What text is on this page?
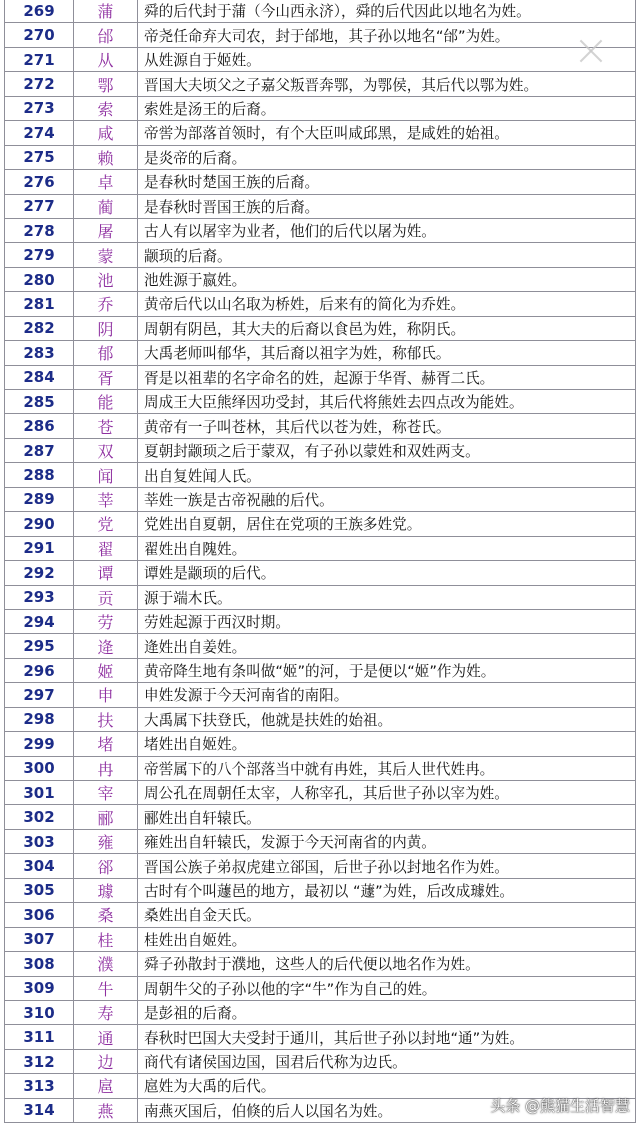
269	蒲	舜的后代封于蒲（今山西永济），舜的后代因此以地名为姓。
270	邰	帝尧任命弃大司农，封于邰地，其子孙以地名“邰”为姓。
271	从	从姓源自于姬姓。
272	鄂	晋国大夫顷父之子嘉父叛晋奔鄂，为鄂侯，其后代以鄂为姓。
273	索	索姓是汤王的后裔。
274	咸	帝喾为部落首领时，有个大臣叫咸邱黑，是咸姓的始祖。
275	赖	是炎帝的后裔。
276	卓	是春秋时楚国王族的后裔。
277	蔺	是春秋时晋国王族的后裔。
278	屠	古人有以屠宰为业者，他们的后代以屠为姓。
279	蒙	颛顼的后裔。
280	池	池姓源于嬴姓。
281	乔	黄帝后代以山名取为桥姓，后来有的简化为乔姓。
282	阴	周朝有阴邑，其大夫的后裔以食邑为姓，称阴氏。
283	郁	大禹老师叫郁华，其后裔以祖字为姓，称郁氏。
284	胥	胥是以祖辈的名字命名的姓，起源于华胥、赫胥二氏。
285	能	周成王大臣熊绎因功受封，其后代将熊姓去四点改为能姓。
286	苍	黄帝有一子叫苍林，其后代以苍为姓，称苍氏。
287	双	夏朝封颛顼之后于蒙双，有子孙以蒙姓和双姓两支。
288	闻	出自复姓闻人氏。
289	莘	莘姓一族是古帝祝融的后代。
290	党	党姓出自夏朝，居住在党项的王族多姓党。
291	翟	翟姓出自隗姓。
292	谭	谭姓是颛顼的后代。
293	贡	源于端木氏。
294	劳	劳姓起源于西汉时期。
295	逄	逄姓出自姜姓。
296	姬	黄帝降生地有条叫做“姬”的河，于是便以“姬”作为姓。
297	申	申姓发源于今天河南省的南阳。
298	扶	大禹属下扶登氏，他就是扶姓的始祖。
299	堵	堵姓出自姬姓。
300	冉	帝喾属下的八个部落当中就有冉姓，其后人世代姓冉。
301	宰	周公孔在周朝任太宰，人称宰孔，其后世子孙以宰为姓。
302	郦	郦姓出自轩辕氏。
303	雍	雍姓出自轩辕氏，发源于今天河南省的内黄。
304	郤	晋国公族子弟叔虎建立郤国，后世子孙以封地名作为姓。
305	璩	古时有个叫蘧邑的地方，最初以 “蘧”为姓，后改成璩姓。
306	桑	桑姓出自金天氏。
307	桂	桂姓出自姬姓。
308	濮	舜子孙散封于濮地，这些人的后代便以地名作为姓。
309	牛	周朝牛父的子孙以他的字“牛”作为自己的姓。
310	寿	是彭祖的后裔。
311	通	春秋时巴国大夫受封于通川，其后世子孙以封地“通”为姓。
312	边	商代有诸侯国边国，国君后代称为边氏。
313	扈	扈姓为大禹的后代。
314	燕	南燕灭国后，伯倏的后人以国名为姓。	头条 @熊猫生活智慧
